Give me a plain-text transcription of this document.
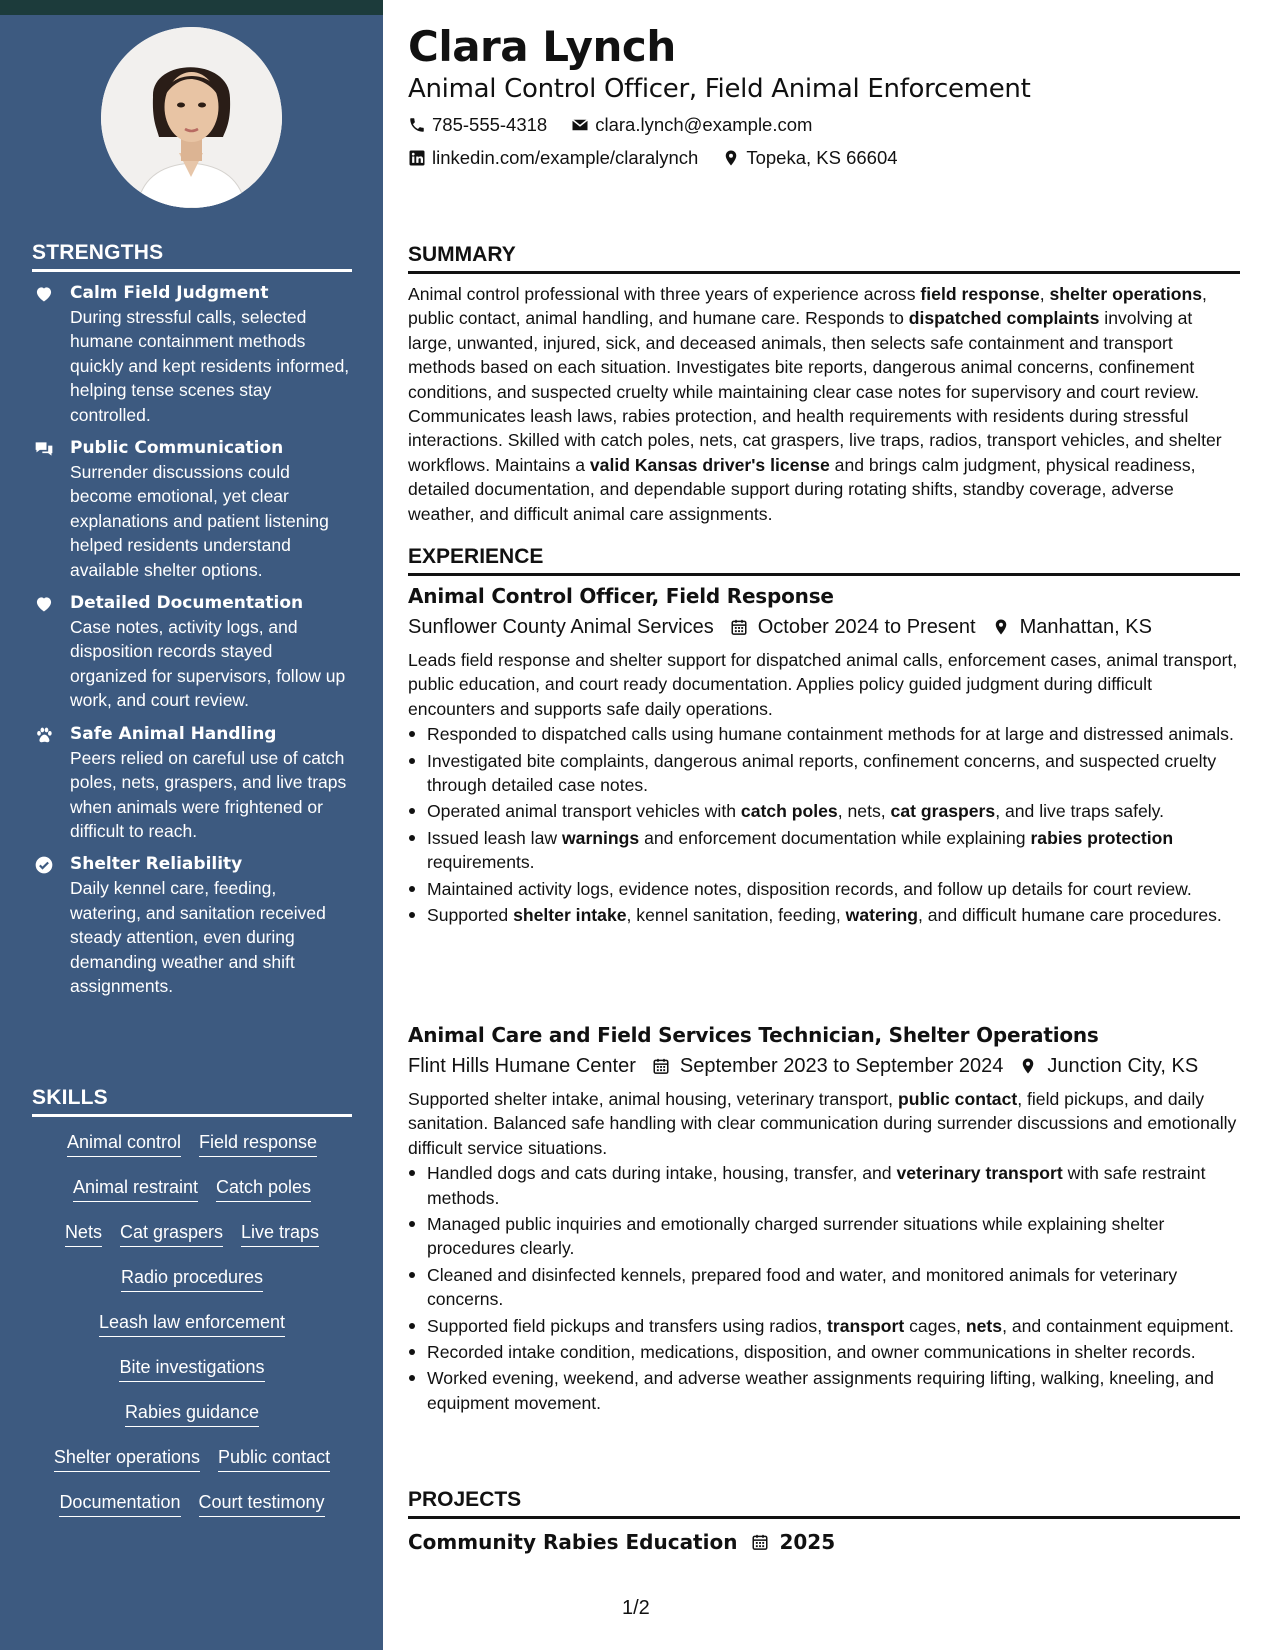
STRENGTHS
Calm Field Judgment
During stressful calls, selected humane containment methods quickly and kept residents informed, helping tense scenes stay controlled.
Public Communication
Surrender discussions could become emotional, yet clear explanations and patient listening helped residents understand available shelter options.
Detailed Documentation
Case notes, activity logs, and disposition records stayed organized for supervisors, follow up work, and court review.
Safe Animal Handling
Peers relied on careful use of catch poles, nets, graspers, and live traps when animals were frightened or difficult to reach.
Shelter Reliability
Daily kennel care, feeding, watering, and sanitation received steady attention, even during demanding weather and shift assignments.
SKILLS
Animal control Field response
Animal restraint Catch poles
Nets Cat graspers Live traps
Radio procedures
Leash law enforcement
Bite investigations
Rabies guidance
Shelter operations Public contact
Documentation Court testimony
Clara Lynch
Animal Control Officer, Field Animal Enforcement
785-555-4318	clara.lynch@example.com
linkedin.com/example/claralynch	Topeka, KS 66604
SUMMARY
Animal control professional with three years of experience across field response, shelter operations, public contact, animal handling, and humane care. Responds to dispatched complaints involving at large, unwanted, injured, sick, and deceased animals, then selects safe containment and transport methods based on each situation. Investigates bite reports, dangerous animal concerns, confinement conditions, and suspected cruelty while maintaining clear case notes for supervisory and court review. Communicates leash laws, rabies protection, and health requirements with residents during stressful interactions. Skilled with catch poles, nets, cat graspers, live traps, radios, transport vehicles, and shelter workflows. Maintains a valid Kansas driver's license and brings calm judgment, physical readiness, detailed documentation, and dependable support during rotating shifts, standby coverage, adverse weather, and difficult animal care assignments.
EXPERIENCE
Animal Control Officer, Field Response
Sunflower County Animal Services October 2024 to Present Manhattan, KS
Leads field response and shelter support for dispatched animal calls, enforcement cases, animal transport, public education, and court ready documentation. Applies policy guided judgment during difficult encounters and supports safe daily operations.
Responded to dispatched calls using humane containment methods for at large and distressed animals.
Investigated bite complaints, dangerous animal reports, confinement concerns, and suspected cruelty through detailed case notes.
Operated animal transport vehicles with catch poles, nets, cat graspers, and live traps safely.
Issued leash law warnings and enforcement documentation while explaining rabies protection requirements.
Maintained activity logs, evidence notes, disposition records, and follow up details for court review.
Supported shelter intake, kennel sanitation, feeding, watering, and difficult humane care procedures.
Animal Care and Field Services Technician, Shelter Operations
Flint Hills Humane Center September 2023 to September 2024 Junction City, KS
Supported shelter intake, animal housing, veterinary transport, public contact, field pickups, and daily sanitation. Balanced safe handling with clear communication during surrender discussions and emotionally difficult service situations.
Handled dogs and cats during intake, housing, transfer, and veterinary transport with safe restraint methods.
Managed public inquiries and emotionally charged surrender situations while explaining shelter procedures clearly.
Cleaned and disinfected kennels, prepared food and water, and monitored animals for veterinary concerns.
Supported field pickups and transfers using radios, transport cages, nets, and containment equipment.
Recorded intake condition, medications, disposition, and owner communications in shelter records.
Worked evening, weekend, and adverse weather assignments requiring lifting, walking, kneeling, and equipment movement.
PROJECTS
Community Rabies Education 2025
1/2
